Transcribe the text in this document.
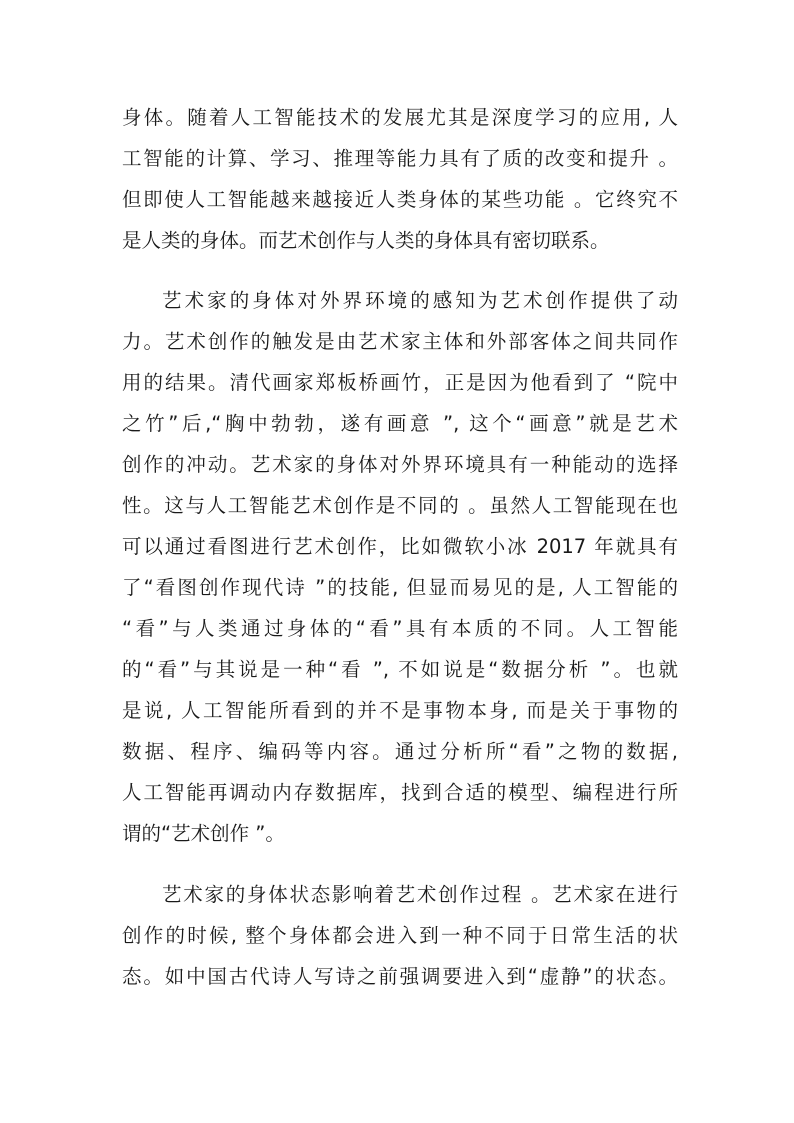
身体。随着人工智能技术的发展尤其是深度学习的应用, 人
工智能的计算、学习、推理等能力具有了质的改变和提升 。
但即使人工智能越来越接近人类身体的某些功能 。它终究不
是人类的身体。而艺术创作与人类的身体具有密切联系。
艺术家的身体对外界环境的感知为艺术创作提供了动
力。艺术创作的触发是由艺术家主体和外部客体之间共同作
用的结果。清代画家郑板桥画竹，正是因为他看到了 “院中
之竹”后,“胸中勃勃，遂有画意 ”, 这个“画意”就是艺术
创作的冲动。艺术家的身体对外界环境具有一种能动的选择
性。这与人工智能艺术创作是不同的 。虽然人工智能现在也
可以通过看图进行艺术创作，比如微软小冰 2017 年就具有
了“看图创作现代诗 ”的技能, 但显而易见的是, 人工智能的
“看”与人类通过身体的“看”具有本质的不同。人工智能
的“看”与其说是一种“看 ”, 不如说是“数据分析 ”。也就
是说, 人工智能所看到的并不是事物本身, 而是关于事物的
数据、程序、编码等内容。通过分析所“看”之物的数据,
人工智能再调动内存数据库，找到合适的模型、编程进行所
谓的“艺术创作 ”。
艺术家的身体状态影响着艺术创作过程 。艺术家在进行
创作的时候, 整个身体都会进入到一种不同于日常生活的状
态。如中国古代诗人写诗之前强调要进入到“虚静”的状态。
